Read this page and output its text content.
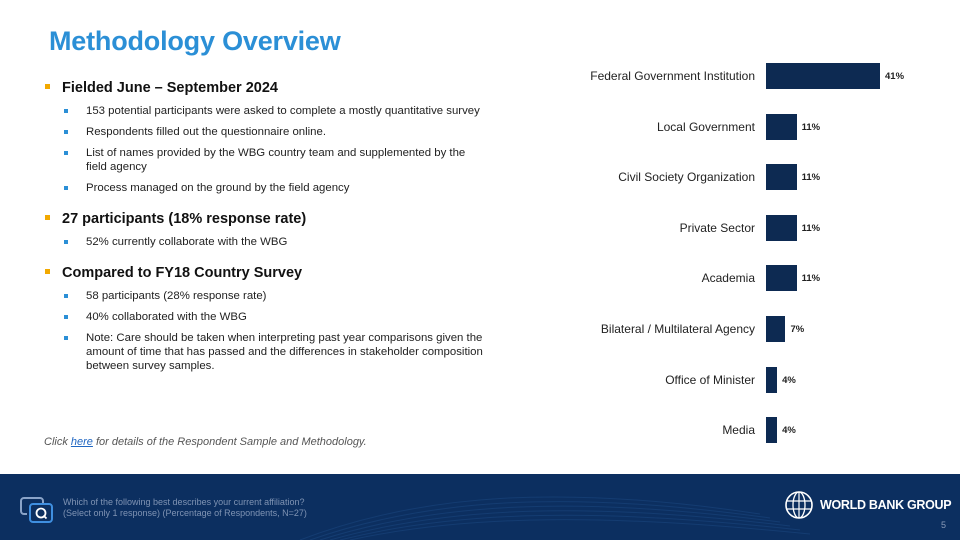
Methodology Overview
Fielded June – September 2024
153 potential participants were asked to complete a mostly quantitative survey
Respondents filled out the questionnaire online.
List of names provided by the WBG country team and supplemented by the field agency
Process managed on the ground by the field agency
27 participants (18% response rate)
52% currently collaborate with the WBG
Compared to FY18 Country Survey
58 participants (28% response rate)
40% collaborated with the WBG
Note: Care should be taken when interpreting past year comparisons given the amount of time that has passed and the differences in stakeholder composition between survey samples.
Click here for details of the Respondent Sample and Methodology.
Federal Government Institution	41%
Local Government	11%
Civil Society Organization	11%
Private Sector	11%
Academia	11%
Bilateral / Multilateral Agency	7%
Office of Minister	4%
Media	4%
Which of the following best describes your current affiliation?
(Select only 1 response) (Percentage of Respondents, N=27)
WORLD BANK GROUP
5
